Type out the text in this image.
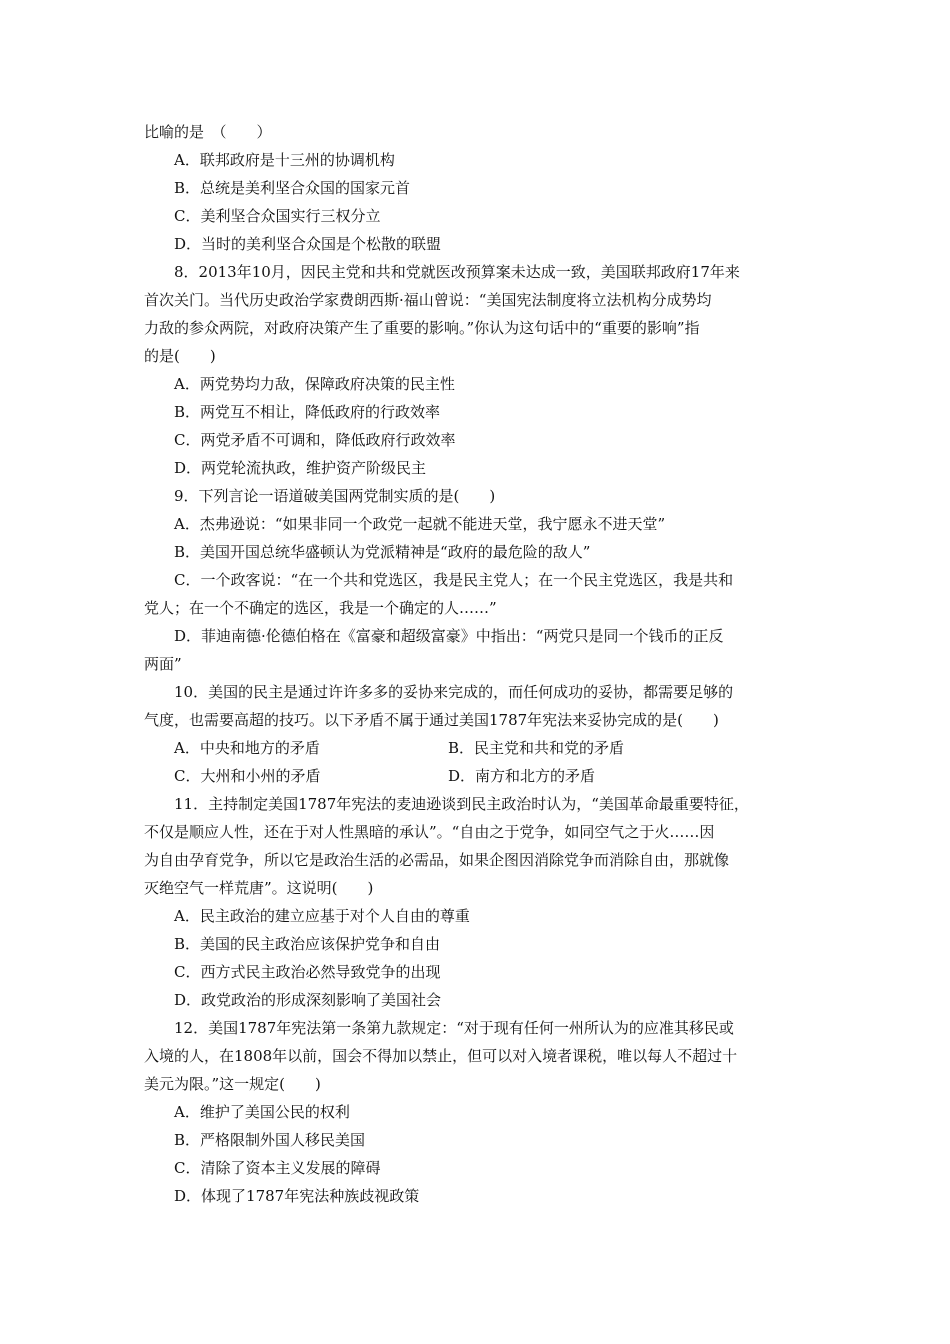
比喻的是　（　　）
A．联邦政府是十三州的协调机构
B．总统是美利坚合众国的国家元首
C．美利坚合众国实行三权分立
D．当时的美利坚合众国是个松散的联盟
8．2013年10月，因民主党和共和党就医改预算案未达成一致，美国联邦政府17年来
首次关门。当代历史政治学家费朗西斯·福山曾说：“美国宪法制度将立法机构分成势均
力敌的参众两院，对政府决策产生了重要的影响。”你认为这句话中的“重要的影响”指
的是(　　)
A．两党势均力敌，保障政府决策的民主性
B．两党互不相让，降低政府的行政效率
C．两党矛盾不可调和，降低政府行政效率
D．两党轮流执政，维护资产阶级民主
9．下列言论一语道破美国两党制实质的是(　　)
A．杰弗逊说：“如果非同一个政党一起就不能进天堂，我宁愿永不进天堂”
B．美国开国总统华盛顿认为党派精神是“政府的最危险的敌人”
C．一个政客说：“在一个共和党选区，我是民主党人；在一个民主党选区，我是共和
党人；在一个不确定的选区，我是一个确定的人……”
D．菲迪南德·伦德伯格在《富豪和超级富豪》中指出：“两党只是同一个钱币的正反
两面”
10．美国的民主是通过许许多多的妥协来完成的，而任何成功的妥协，都需要足够的
气度，也需要高超的技巧。以下矛盾不属于通过美国1787年宪法来妥协完成的是(　　)
A．中央和地方的矛盾	B．民主党和共和党的矛盾
C．大州和小州的矛盾	D．南方和北方的矛盾
11．主持制定美国1787年宪法的麦迪逊谈到民主政治时认为，“美国革命最重要特征，
不仅是顺应人性，还在于对人性黑暗的承认”。“自由之于党争，如同空气之于火……因
为自由孕育党争，所以它是政治生活的必需品，如果企图因消除党争而消除自由，那就像
灭绝空气一样荒唐”。这说明(　　)
A．民主政治的建立应基于对个人自由的尊重
B．美国的民主政治应该保护党争和自由
C．西方式民主政治必然导致党争的出现
D．政党政治的形成深刻影响了美国社会
12．美国1787年宪法第一条第九款规定：“对于现有任何一州所认为的应准其移民或
入境的人，在1808年以前，国会不得加以禁止，但可以对入境者课税，唯以每人不超过十
美元为限。”这一规定(　　)
A．维护了美国公民的权利
B．严格限制外国人移民美国
C．清除了资本主义发展的障碍
D．体现了1787年宪法种族歧视政策
